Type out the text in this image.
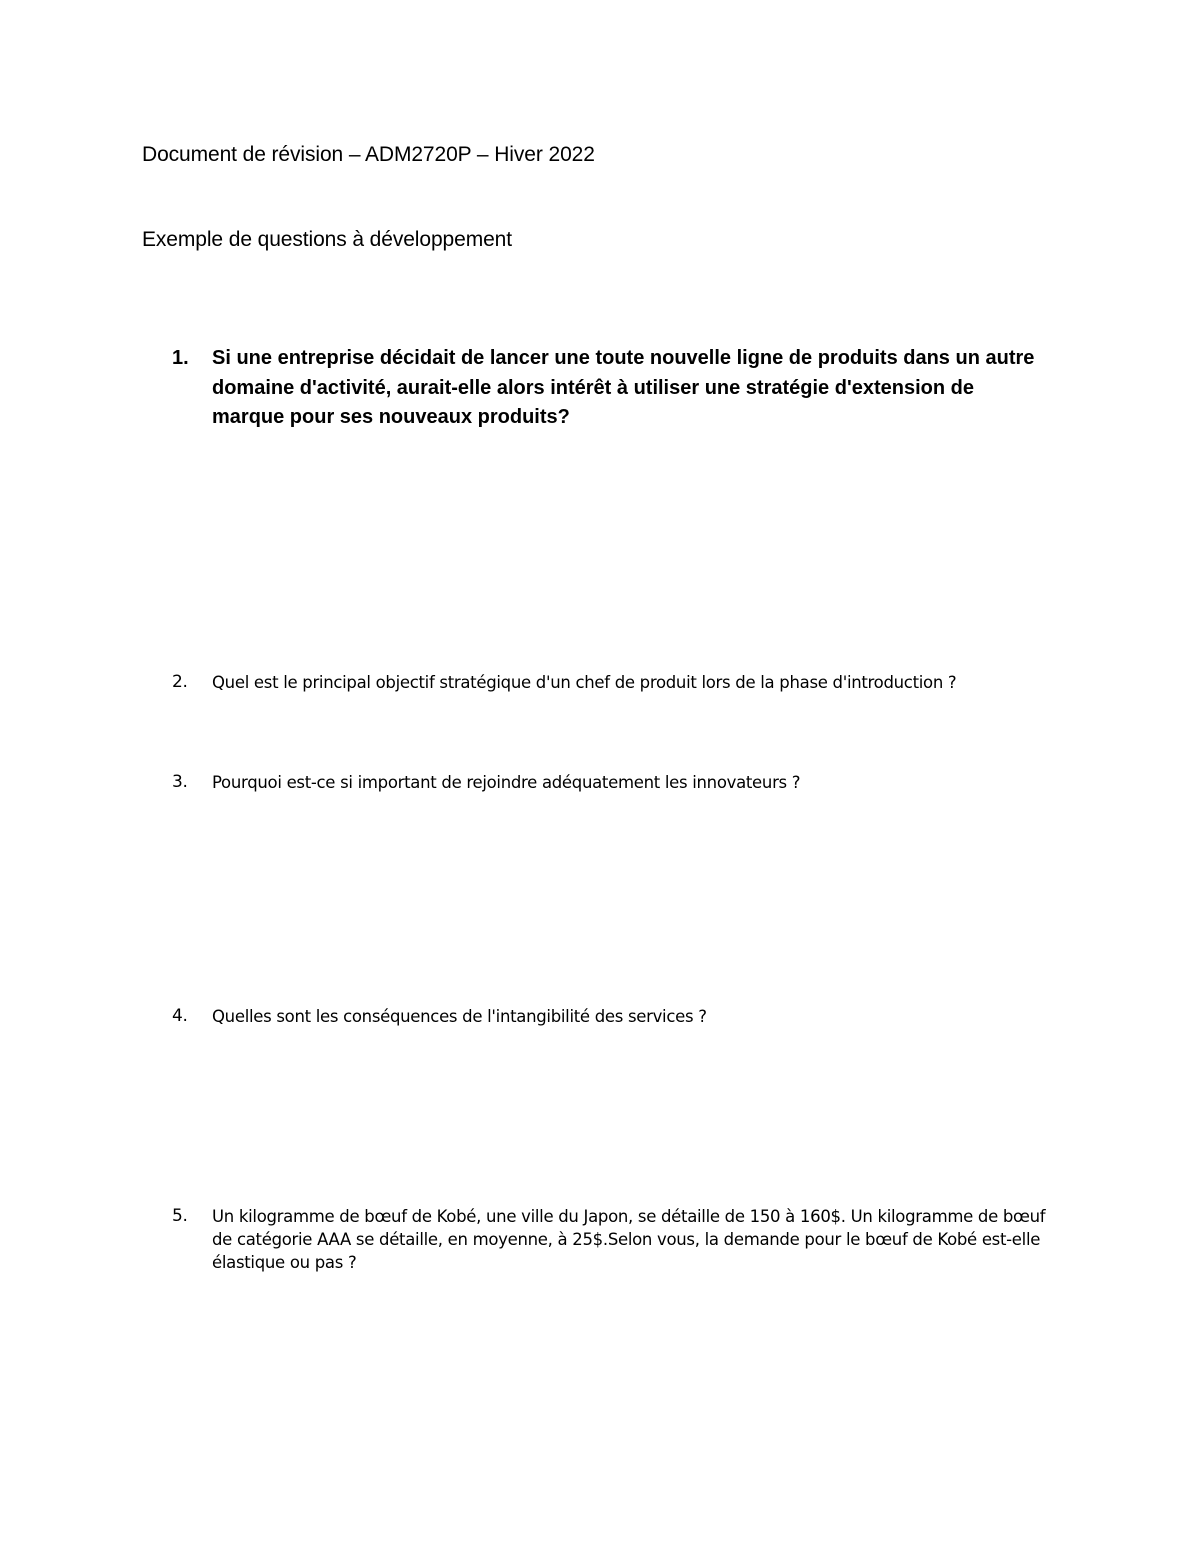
Document de révision – ADM2720P – Hiver 2022
Exemple de questions à développement
1.	Si une entreprise décidait de lancer une toute nouvelle ligne de produits dans un autre domaine d'activité, aurait-elle alors intérêt à utiliser une stratégie d'extension de marque pour ses nouveaux produits?
2.	Quel est le principal objectif stratégique d'un chef de produit lors de la phase d'introduction ?
3.	Pourquoi est-ce si important de rejoindre adéquatement les innovateurs ?
4.	Quelles sont les conséquences de l'intangibilité des services ?
5.	Un kilogramme de bœuf de Kobé, une ville du Japon, se détaille de 150 à 160$. Un kilogramme de bœuf de catégorie AAA se détaille, en moyenne, à 25$.Selon vous, la demande pour le bœuf de Kobé est-elle élastique ou pas ?
